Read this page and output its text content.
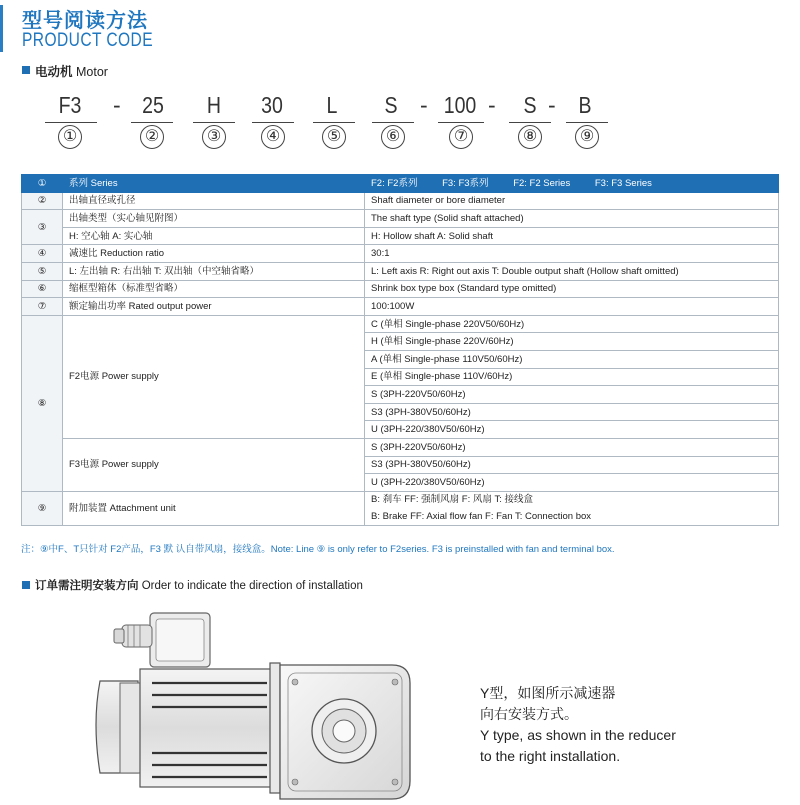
型号阅读方法
PRODUCT CODE
电动机 Motor
F3
①
- 25
②
H
③
30
④
L
⑤
S
⑥
- 100
⑦
-	S
⑧
- B
⑨
①	系列 Series	F2: F2系列 F3: F3系列 F2: F2 Series F3: F3 Series
②	出轴直径或孔径	Shaft diameter or bore diameter
③	出轴类型（实心轴见附图）	The shaft type (Solid shaft attached)
	H: 空心轴 A: 实心轴	H: Hollow shaft A: Solid shaft
④	减速比 Reduction ratio	30:1
⑤	L: 左出轴 R: 右出轴 T: 双出轴（中空轴省略）	L: Left axis R: Right out axis T: Double output shaft (Hollow shaft omitted)
⑥	缩框型箱体（标准型省略）	Shrink box type box (Standard type omitted)
⑦	额定输出功率 Rated output power	100:100W
⑧	F2电源 Power supply	C (单相 Single-phase 220V50/60Hz)
		H (单相 Single-phase 220V/60Hz)
		A (单相 Single-phase 110V50/60Hz)
		E (单相 Single-phase 110V/60Hz)
		S (3PH-220V50/60Hz)
		S3 (3PH-380V50/60Hz)
		U (3PH-220/380V50/60Hz)
	F3电源 Power supply	S (3PH-220V50/60Hz)
		S3 (3PH-380V50/60Hz)
		U (3PH-220/380V50/60Hz)
⑨	附加装置 Attachment unit	B: 刹车 FF: 强制风扇 F: 风扇 T: 接线盒
		B: Brake FF: Axial flow fan F: Fan T: Connection box
注：⑨中F、T只针对 F2产品，F3 默 认自带风扇，接线盒。Note: Line ⑨ is only refer to F2series. F3 is preinstalled with fan and terminal box.
订单需注明安装方向 Order to indicate the direction of installation
Y型，如图所示减速器
向右安装方式。
Y type, as shown in the reducer
to the right installation.
